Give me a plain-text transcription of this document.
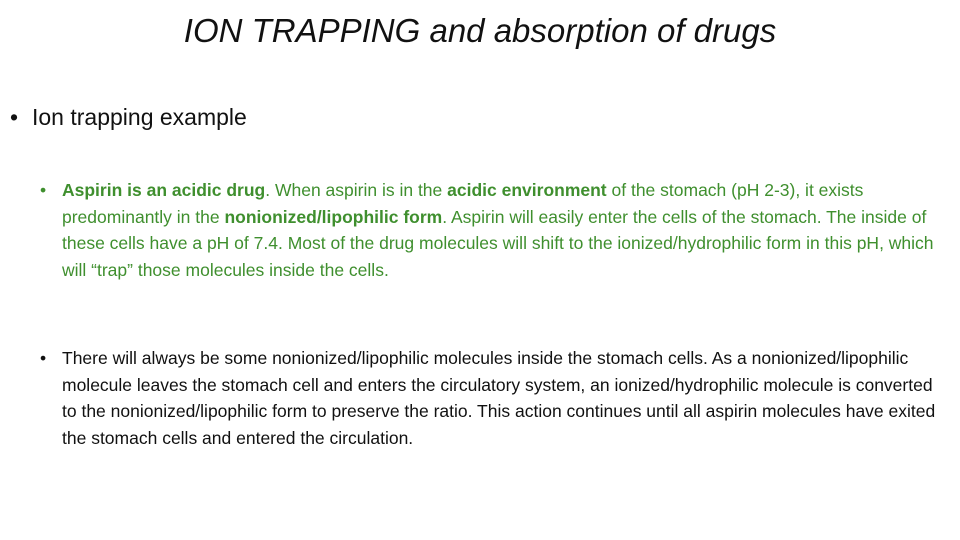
ION TRAPPING and absorption of drugs
• Ion trapping example
• Aspirin is an acidic drug. When aspirin is in the acidic environment of the stomach (pH 2-3), it exists predominantly in the nonionized/lipophilic form. Aspirin will easily enter the cells of the stomach. The inside of these cells have a pH of 7.4. Most of the drug molecules will shift to the ionized/hydrophilic form in this pH, which will “trap” those molecules inside the cells.
• There will always be some nonionized/lipophilic molecules inside the stomach cells. As a nonionized/lipophilic molecule leaves the stomach cell and enters the circulatory system, an ionized/hydrophilic molecule is converted to the nonionized/lipophilic form to preserve the ratio. This action continues until all aspirin molecules have exited the stomach cells and entered the circulation.
